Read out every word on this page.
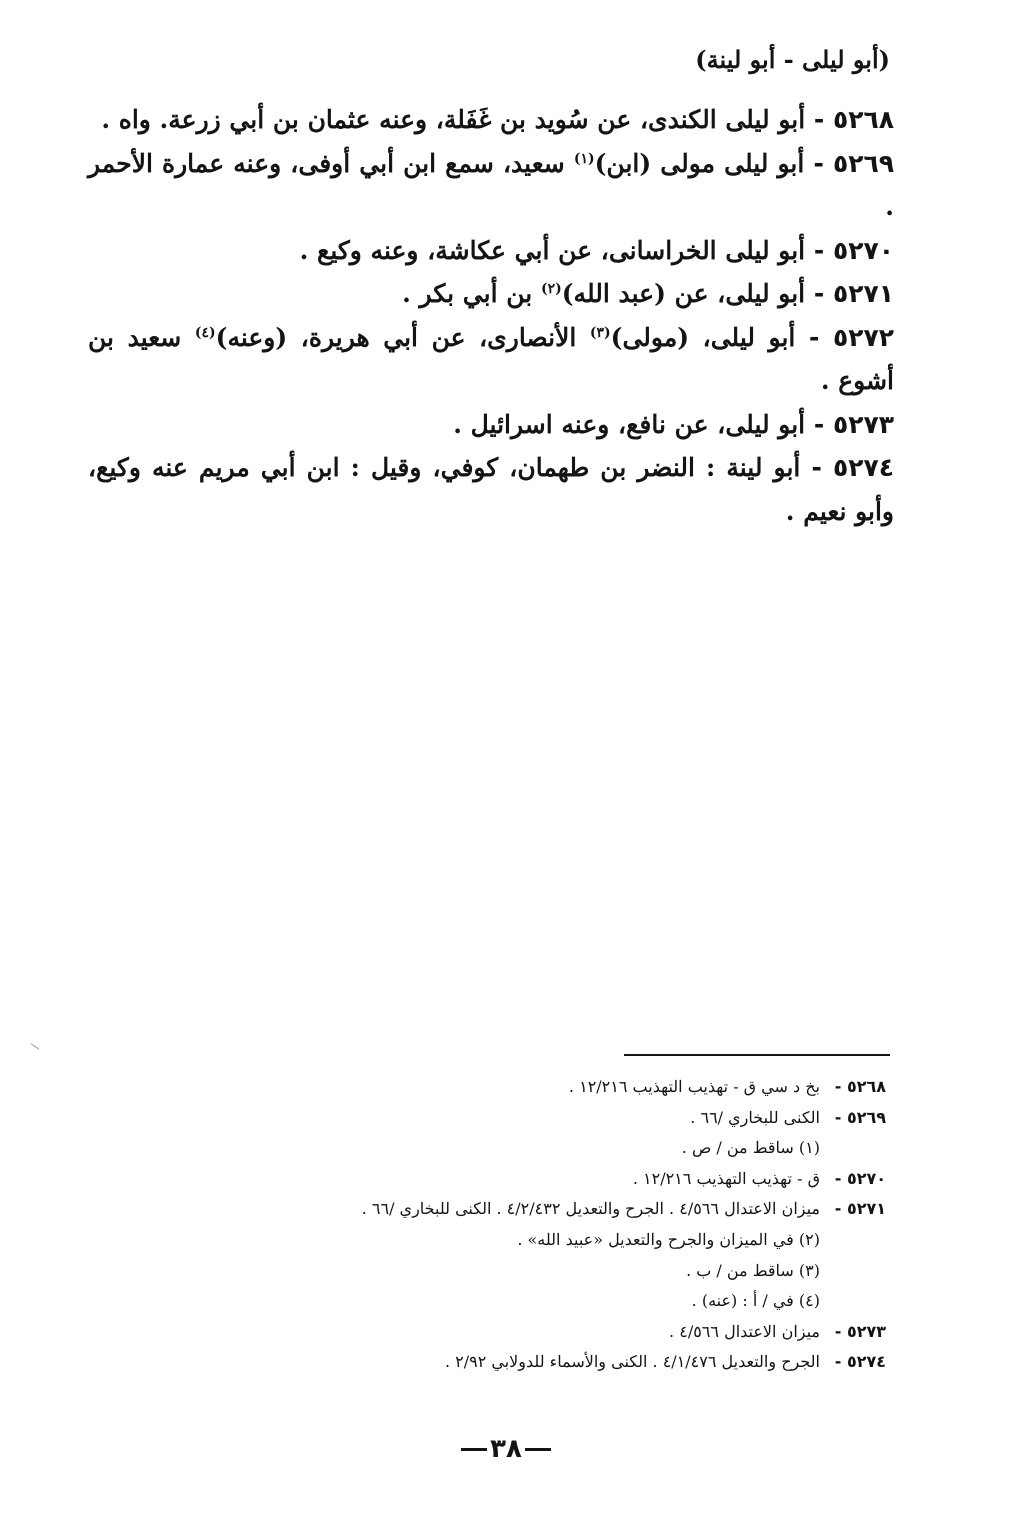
(أبو ليلى - أبو لينة)
٥٢٦٨ - أبو ليلى الكندى، عن سُويد بن غَفَلة، وعنه عثمان بن أبي زرعة. واه .
٥٢٦٩ - أبو ليلى مولى (ابن)$^{(١)}$ سعيد، سمع ابن أبي أوفى، وعنه عمارة الأحمر .
٥٢٧٠ - أبو ليلى الخراسانى، عن أبي عكاشة، وعنه وكيع .
٥٢٧١ - أبو ليلى، عن (عبد الله)$^{(٢)}$ بن أبي بكر .
٥٢٧٢ - أبو ليلى، (مولى)$^{(٣)}$ الأنصارى، عن أبي هريرة، (وعنه)$^{(٤)}$ سعيد بن أشوع .
٥٢٧٣ - أبو ليلى، عن نافع، وعنه اسرائيل .
٥٢٧٤ - أبو لينة : النضر بن طهمان، كوفي، وقيل : ابن أبي مريم عنه وكيع، وأبو نعيم .
٥٢٦٨ -
بخ د سي ق - تهذيب التهذيب ١٢/٢١٦ .
٥٢٦٩ -
الكنى للبخاري /٦٦ .
(١) ساقط من / ص .
٥٢٧٠ -
ق - تهذيب التهذيب ١٢/٢١٦ .
٥٢٧١ -
ميزان الاعتدال ٤/٥٦٦ . الجرح والتعديل ٤/٢/٤٣٢ . الكنى للبخاري /٦٦ .
(٢) في الميزان والجرح والتعديل «عبيد الله» .
(٣) ساقط من / ب .
(٤) في / أ : (عنه) .
٥٢٧٣ -
ميزان الاعتدال ٤/٥٦٦ .
٥٢٧٤ -
الجرح والتعديل ٤/١/٤٧٦ . الكنى والأسماء للدولابي ٢/٩٢ .
٣٨
